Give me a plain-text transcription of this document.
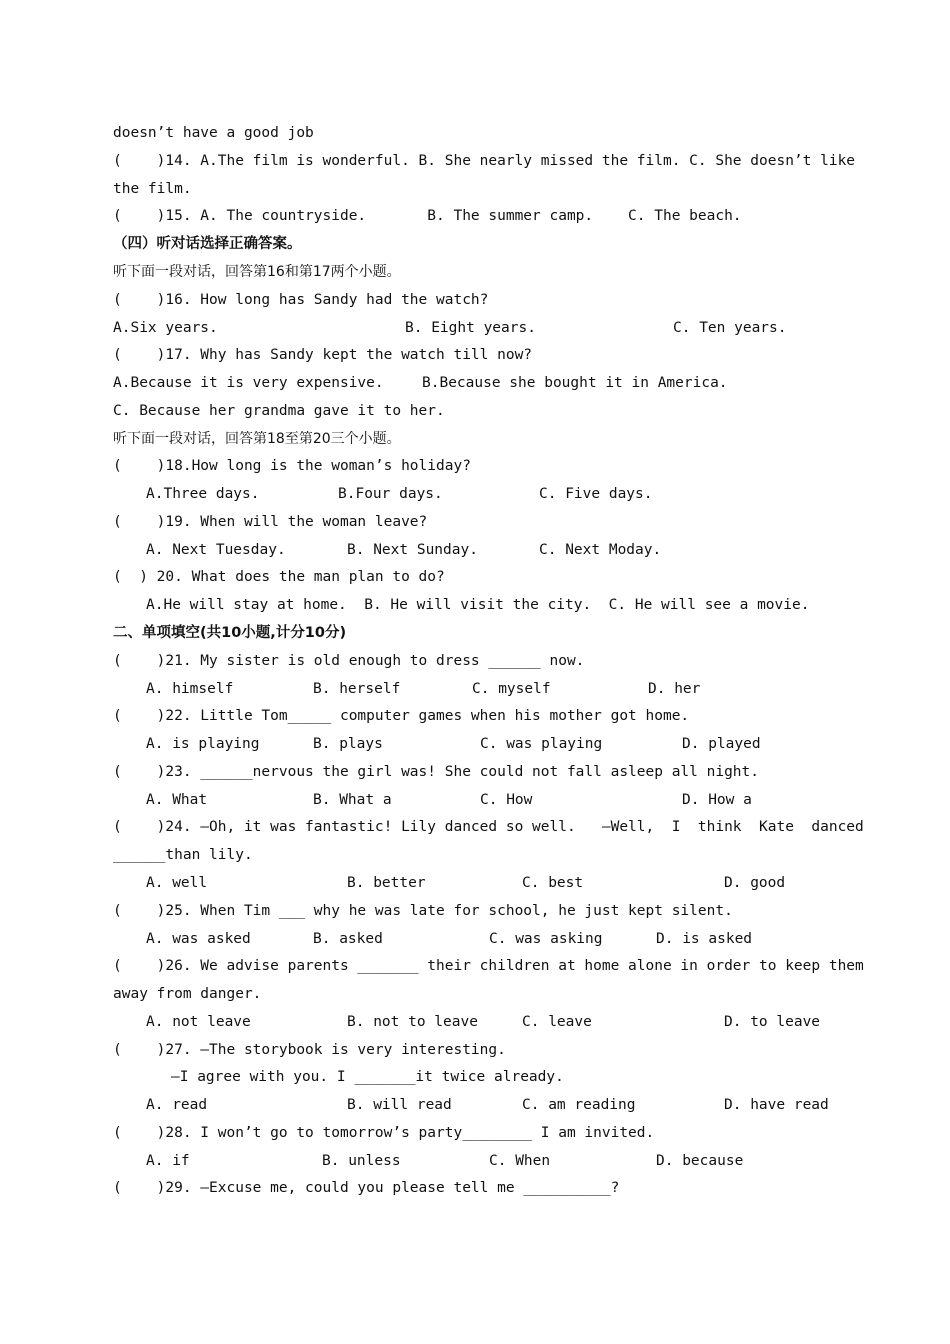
doesn’t have a good job
(    )14. A.The film is wonderful. B. She nearly missed the film. C. She doesn’t like
the film.
(    )15. A. The countryside.       B. The summer camp.    C. The beach.
（四）听对话选择正确答案。
听下面一段对话，回答第16和第17两个小题。
(    )16. How long has Sandy had the watch?
A.Six years.	B. Eight years.	C. Ten years.
(    )17. Why has Sandy kept the watch till now?
A.Because it is very expensive.	B.Because she bought it in America.
C. Because her grandma gave it to her.
听下面一段对话，回答第18至第20三个小题。
(    )18.How long is the woman’s holiday?
A.Three days.	B.Four days.	C. Five days.
(    )19. When will the woman leave?
A. Next Tuesday.	B. Next Sunday.	C. Next Moday.
(  ) 20. What does the man plan to do?
A.He will stay at home.  B. He will visit the city.  C. He will see a movie.
二、单项填空(共10小题,计分10分)
(    )21. My sister is old enough to dress ______ now.
A. himself	B. herself	C. myself	D. her
(    )22. Little Tom_____ computer games when his mother got home.
A. is playing	B. plays	C. was playing	D. played
(    )23. ______nervous the girl was! She could not fall asleep all night.
A. What	B. What a	C. How	D. How a
(    )24. —Oh, it was fantastic! Lily danced so well.   —Well,  I  think  Kate  danced
______than lily.
A. well	B. better	C. best	D. good
(    )25. When Tim ___ why he was late for school, he just kept silent.
A. was asked	B. asked	C. was asking	D. is asked
(    )26. We advise parents _______ their children at home alone in order to keep them
away from danger.
A. not leave	B. not to leave	C. leave	D. to leave
(    )27. —The storybook is very interesting.
—I agree with you. I _______it twice already.
A. read	B. will read	C. am reading	D. have read
(    )28. I won’t go to tomorrow’s party________ I am invited.
A. if	B. unless	C. When	D. because
(    )29. —Excuse me, could you please tell me __________?
